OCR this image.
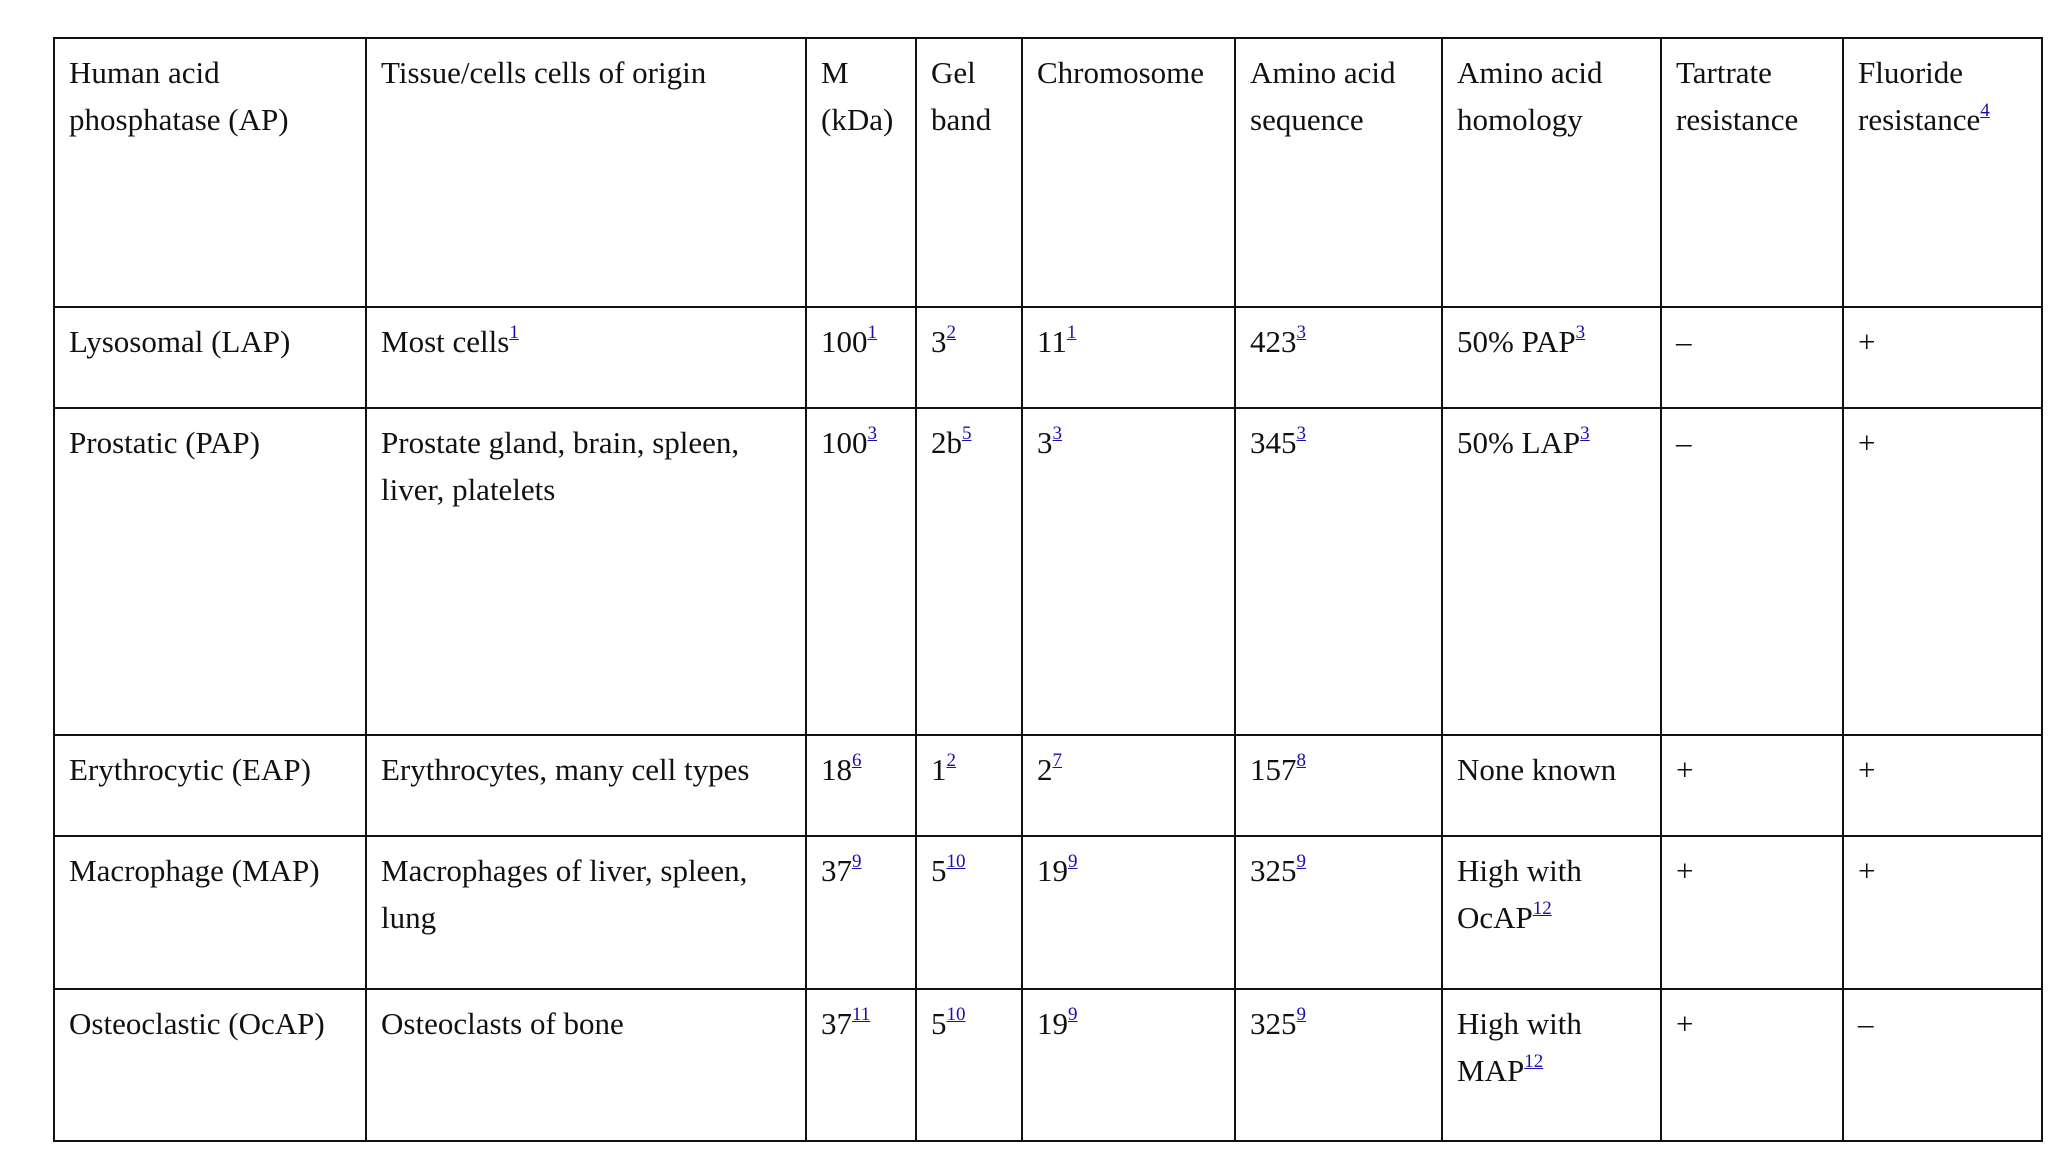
Human acid phosphatase (AP)	Tissue/cells cells of origin	M (kDa)	Gel band	Chromosome	Amino acid sequence	Amino acid homology	Tartrate resistance	Fluoride resistance$^4$
Lysosomal (LAP)	Most cells$^1$	100$^1$	3$^2$	11$^1$	423$^3$	50% PAP$^3$	–	+
Prostatic (PAP)	Prostate gland, brain, spleen, liver, platelets	100$^3$	2b$^5$	3$^3$	345$^3$	50% LAP$^3$	–	+
Erythrocytic (EAP)	Erythrocytes, many cell types	18$^6$	1$^2$	2$^7$	157$^8$	None known	+	+
Macrophage (MAP)	Macrophages of liver, spleen, lung	37$^9$	5$^{10}$	19$^9$	325$^9$	High with OcAP$^{12}$	+	+
Osteoclastic (OcAP)	Osteoclasts of bone	37$^{11}$	5$^{10}$	19$^9$	325$^9$	High with MAP$^{12}$	+	–
